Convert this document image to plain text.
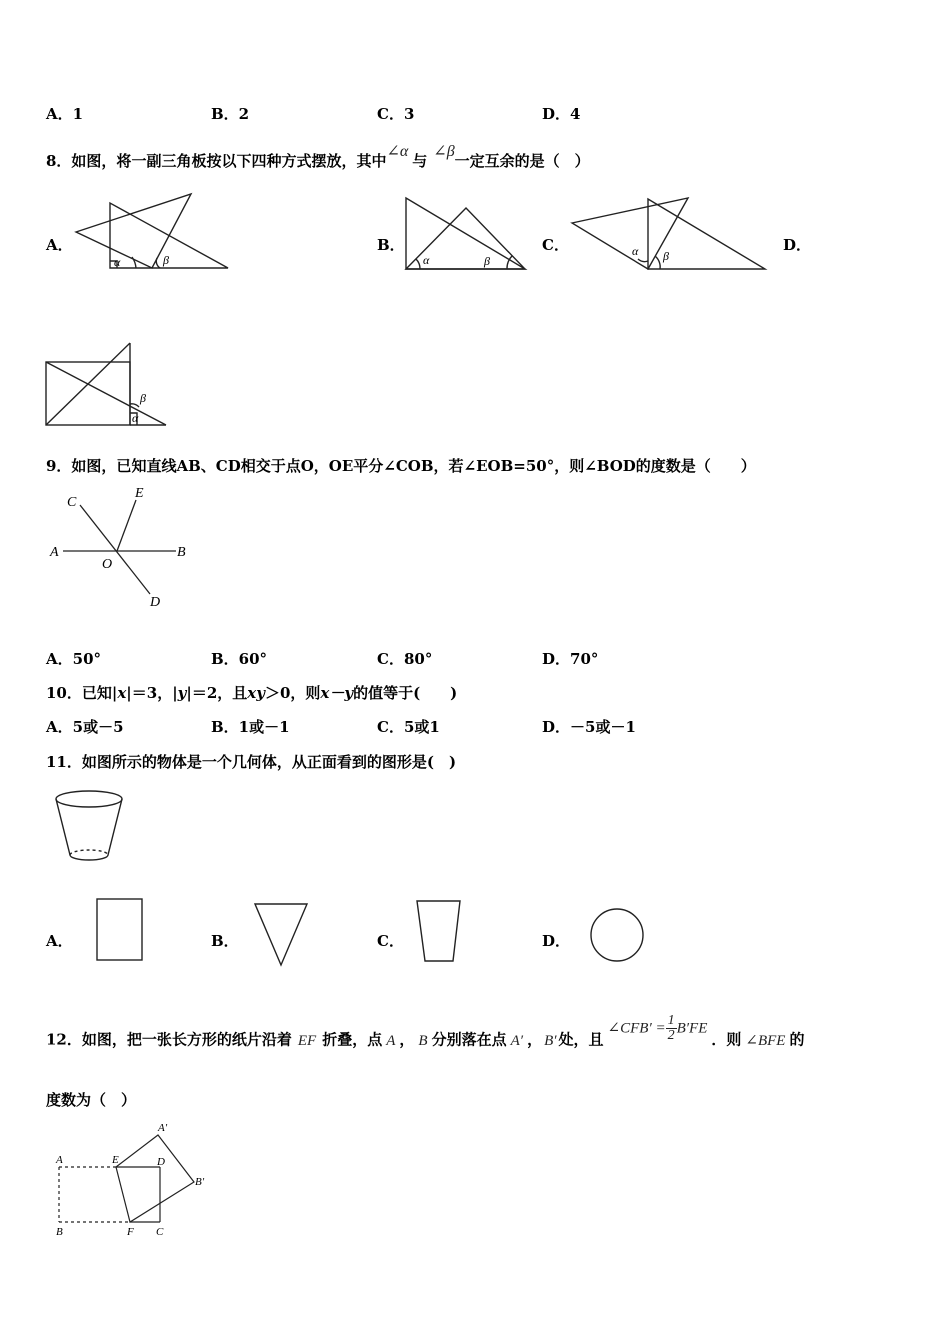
A．1	B．2	C．3	D．4
8．如图，将一副三角板按以下四种方式摆放，其中∠α与∠β一定互余的是（　）
A．
α	β	α	β
α β
α
β
B．	C．	D．
9．如图，已知直线AB、CD相交于点O，OE平分∠COB，若∠EOB=50°，则∠BOD的度数是（　　）
C
E
A	B
O
D
A．50°	B．60°	C．80°	D．70°
10．已知|x|＝3，|y|＝2，且xy＞0，则x－y的值等于(　　)
A．5或－5	B．1或－1	C．5或1	D．－5或－1
11．如图所示的物体是一个几何体，从正面看到的图形是(　)
A．	B．	C．	D．
12．如图，把一张长方形的纸片沿着 EF 折叠，点 A ， B 分别落在点 A′ ， B′ 处，且∠CFB′ = $\frac{1}{2} B'FE$．则 ∠BFE 的
度数为（　）
A	E	D
A′
B′
B	F C
